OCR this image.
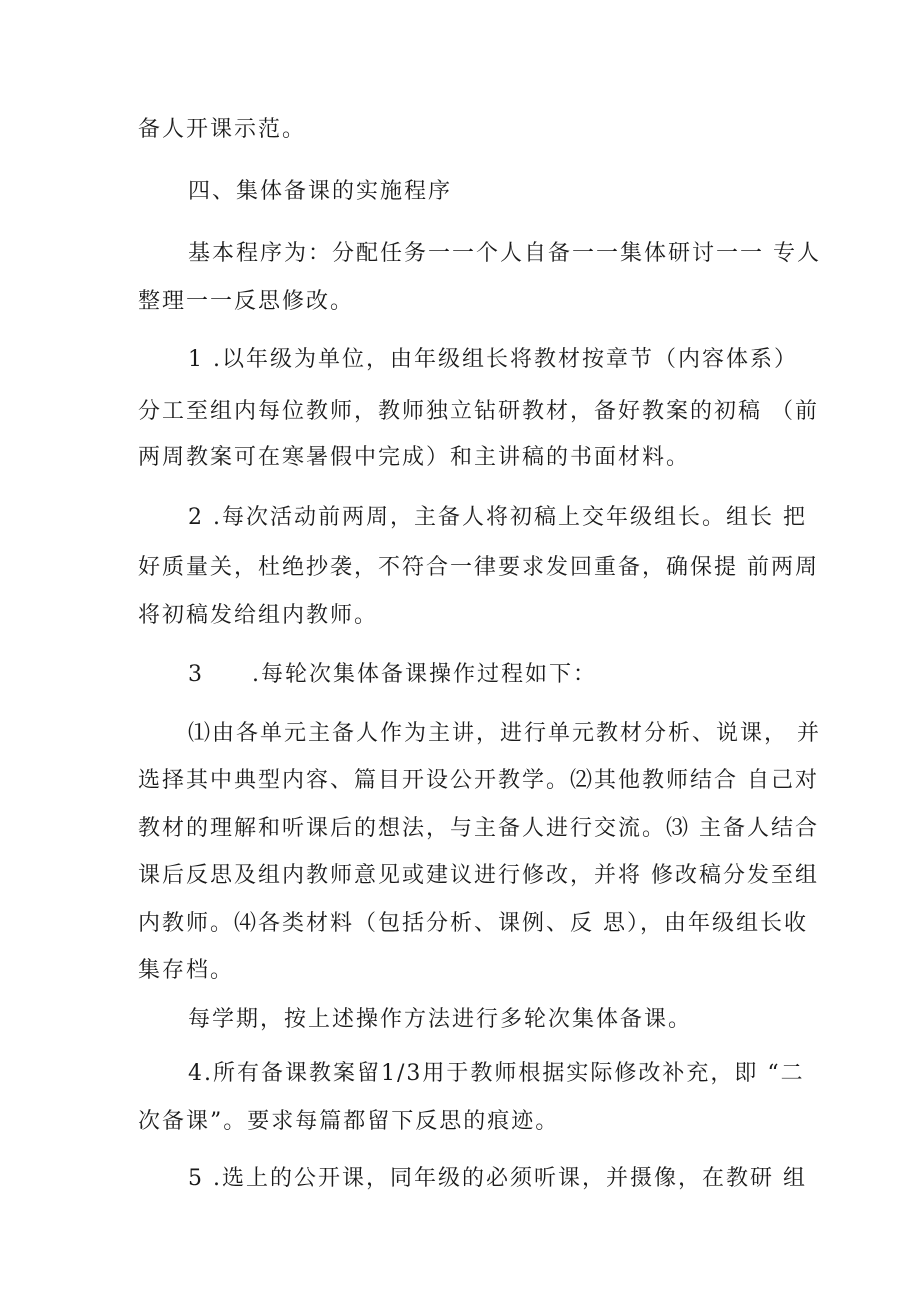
备人开课示范。
四、集体备课的实施程序
基本程序为：分配任务一一个人自备一一集体研讨一一 专人
整理一一反思修改。
1 .以年级为单位，由年级组长将教材按章节（内容体系）
分工至组内每位教师，教师独立钻研教材，备好教案的初稿 （前
两周教案可在寒暑假中完成）和主讲稿的书面材料。
2 .每次活动前两周，主备人将初稿上交年级组长。组长 把
好质量关，杜绝抄袭，不符合一律要求发回重备，确保提 前两周
将初稿发给组内教师。
3　　.每轮次集体备课操作过程如下：
⑴由各单元主备人作为主讲，进行单元教材分析、说课， 并
选择其中典型内容、篇目开设公开教学。⑵其他教师结合 自己对
教材的理解和听课后的想法，与主备人进行交流。⑶ 主备人结合
课后反思及组内教师意见或建议进行修改，并将 修改稿分发至组
内教师。⑷各类材料（包括分析、课例、反 思），由年级组长收
集存档。
每学期，按上述操作方法进行多轮次集体备课。
4.所有备课教案留1/3用于教师根据实际修改补充，即 “二
次备课”。要求每篇都留下反思的痕迹。
5 .选上的公开课，同年级的必须听课，并摄像，在教研 组
